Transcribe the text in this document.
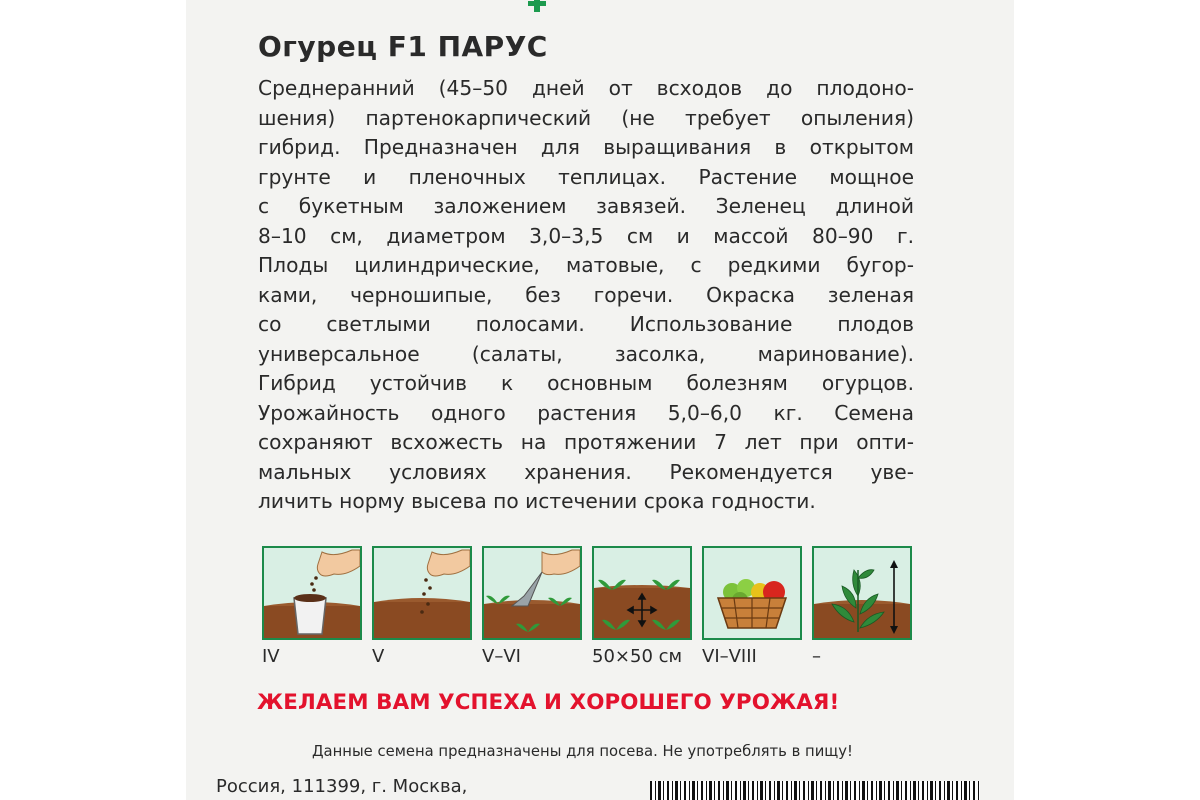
Огурец F1 ПАРУС
Среднеранний (45–50 дней от всходов до плодоно-
шения) партенокарпический (не требует опыления)
гибрид. Предназначен для выращивания в открытом
грунте и пленочных теплицах. Растение мощное
с букетным заложением завязей. Зеленец длиной
8–10 см, диаметром 3,0–3,5 см и массой 80–90 г.
Плоды цилиндрические, матовые, с редкими бугор-
ками, черношипые, без горечи. Окраска зеленая
со светлыми полосами. Использование плодов
универсальное (салаты, засолка, маринование).
Гибрид устойчив к основным болезням огурцов.
Урожайность одного растения 5,0–6,0 кг. Семена
сохраняют всхожесть на протяжении 7 лет при опти-
мальных условиях хранения. Рекомендуется уве-
личить норму высева по истечении срока годности.
IV	V	V–VI	50×50 см	VI–VIII	–
ЖЕЛАЕМ ВАМ УСПЕХА И ХОРОШЕГО УРОЖАЯ!
Данные семена предназначены для посева. Не употреблять в пищу!
Россия, 111399, г. Москва,
